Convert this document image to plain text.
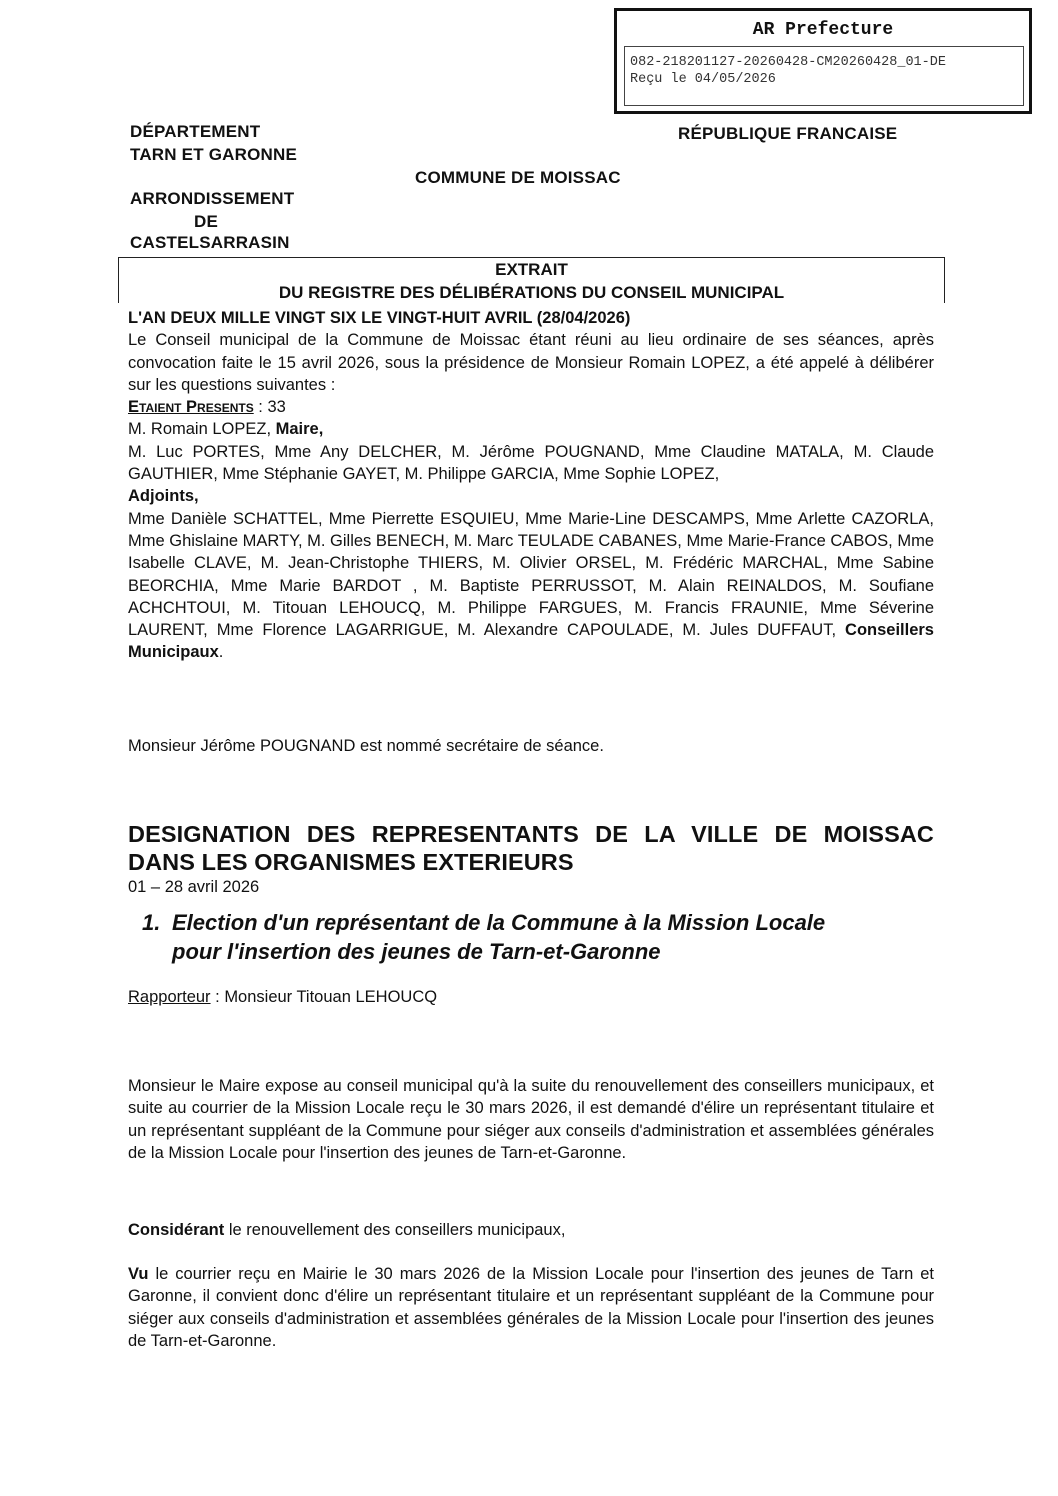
AR Prefecture
082-218201127-20260428-CM20260428_01-DE
Reçu le 04/05/2026
DÉPARTEMENT
TARN ET GARONNE
RÉPUBLIQUE FRANCAISE
COMMUNE DE MOISSAC
ARRONDISSEMENT
DE
CASTELSARRASIN
EXTRAIT
DU REGISTRE DES DÉLIBÉRATIONS DU CONSEIL MUNICIPAL

L'AN DEUX MILLE VINGT SIX LE VINGT-HUIT AVRIL (28/04/2026)

Le Conseil municipal de la Commune de Moissac étant réuni au lieu ordinaire de ses séances, après convocation faite le 15 avril 2026, sous la présidence de Monsieur Romain LOPEZ, a été appelé à délibérer sur les questions suivantes :

Etaient Presents : 33

M. Romain LOPEZ, Maire,

M. Luc PORTES, Mme Any DELCHER, M. Jérôme POUGNAND, Mme Claudine MATALA, M. Claude GAUTHIER, Mme Stéphanie GAYET, M. Philippe GARCIA, Mme Sophie LOPEZ,

Adjoints,

Mme Danièle SCHATTEL, Mme Pierrette ESQUIEU, Mme Marie-Line DESCAMPS, Mme Arlette CAZORLA, Mme Ghislaine MARTY, M. Gilles BENECH, M. Marc TEULADE CABANES, Mme Marie-France CABOS, Mme Isabelle CLAVE, M. Jean-Christophe THIERS, M. Olivier ORSEL, M. Frédéric MARCHAL, Mme Sabine BEORCHIA, Mme Marie BARDOT , M. Baptiste PERRUSSOT, M. Alain REINALDOS, M. Soufiane ACHCHTOUI, M. Titouan LEHOUCQ, M. Philippe FARGUES, M. Francis FRAUNIE, Mme Séverine LAURENT, Mme Florence LAGARRIGUE, M. Alexandre CAPOULADE, M. Jules DUFFAUT, Conseillers Municipaux.

Monsieur Jérôme POUGNAND est nommé secrétaire de séance.
DESIGNATION DES REPRESENTANTS DE LA VILLE DE MOISSAC DANS LES ORGANISMES EXTERIEURS
01 – 28 avril 2026
1. Election d'un représentant de la Commune à la Mission Locale
pour l'insertion des jeunes de Tarn-et-Garonne
Rapporteur : Monsieur Titouan LEHOUCQ
Monsieur le Maire expose au conseil municipal qu'à la suite du renouvellement des conseillers municipaux, et suite au courrier de la Mission Locale reçu le 30 mars 2026, il est demandé d'élire un représentant titulaire et un représentant suppléant de la Commune pour siéger aux conseils d'administration et assemblées générales de la Mission Locale pour l'insertion des jeunes de Tarn-et-Garonne.
Considérant le renouvellement des conseillers municipaux,
Vu le courrier reçu en Mairie le 30 mars 2026 de la Mission Locale pour l'insertion des jeunes de Tarn et Garonne, il convient donc d'élire un représentant titulaire et un représentant suppléant de la Commune pour siéger aux conseils d'administration et assemblées générales de la Mission Locale pour l'insertion des jeunes de Tarn-et-Garonne.
